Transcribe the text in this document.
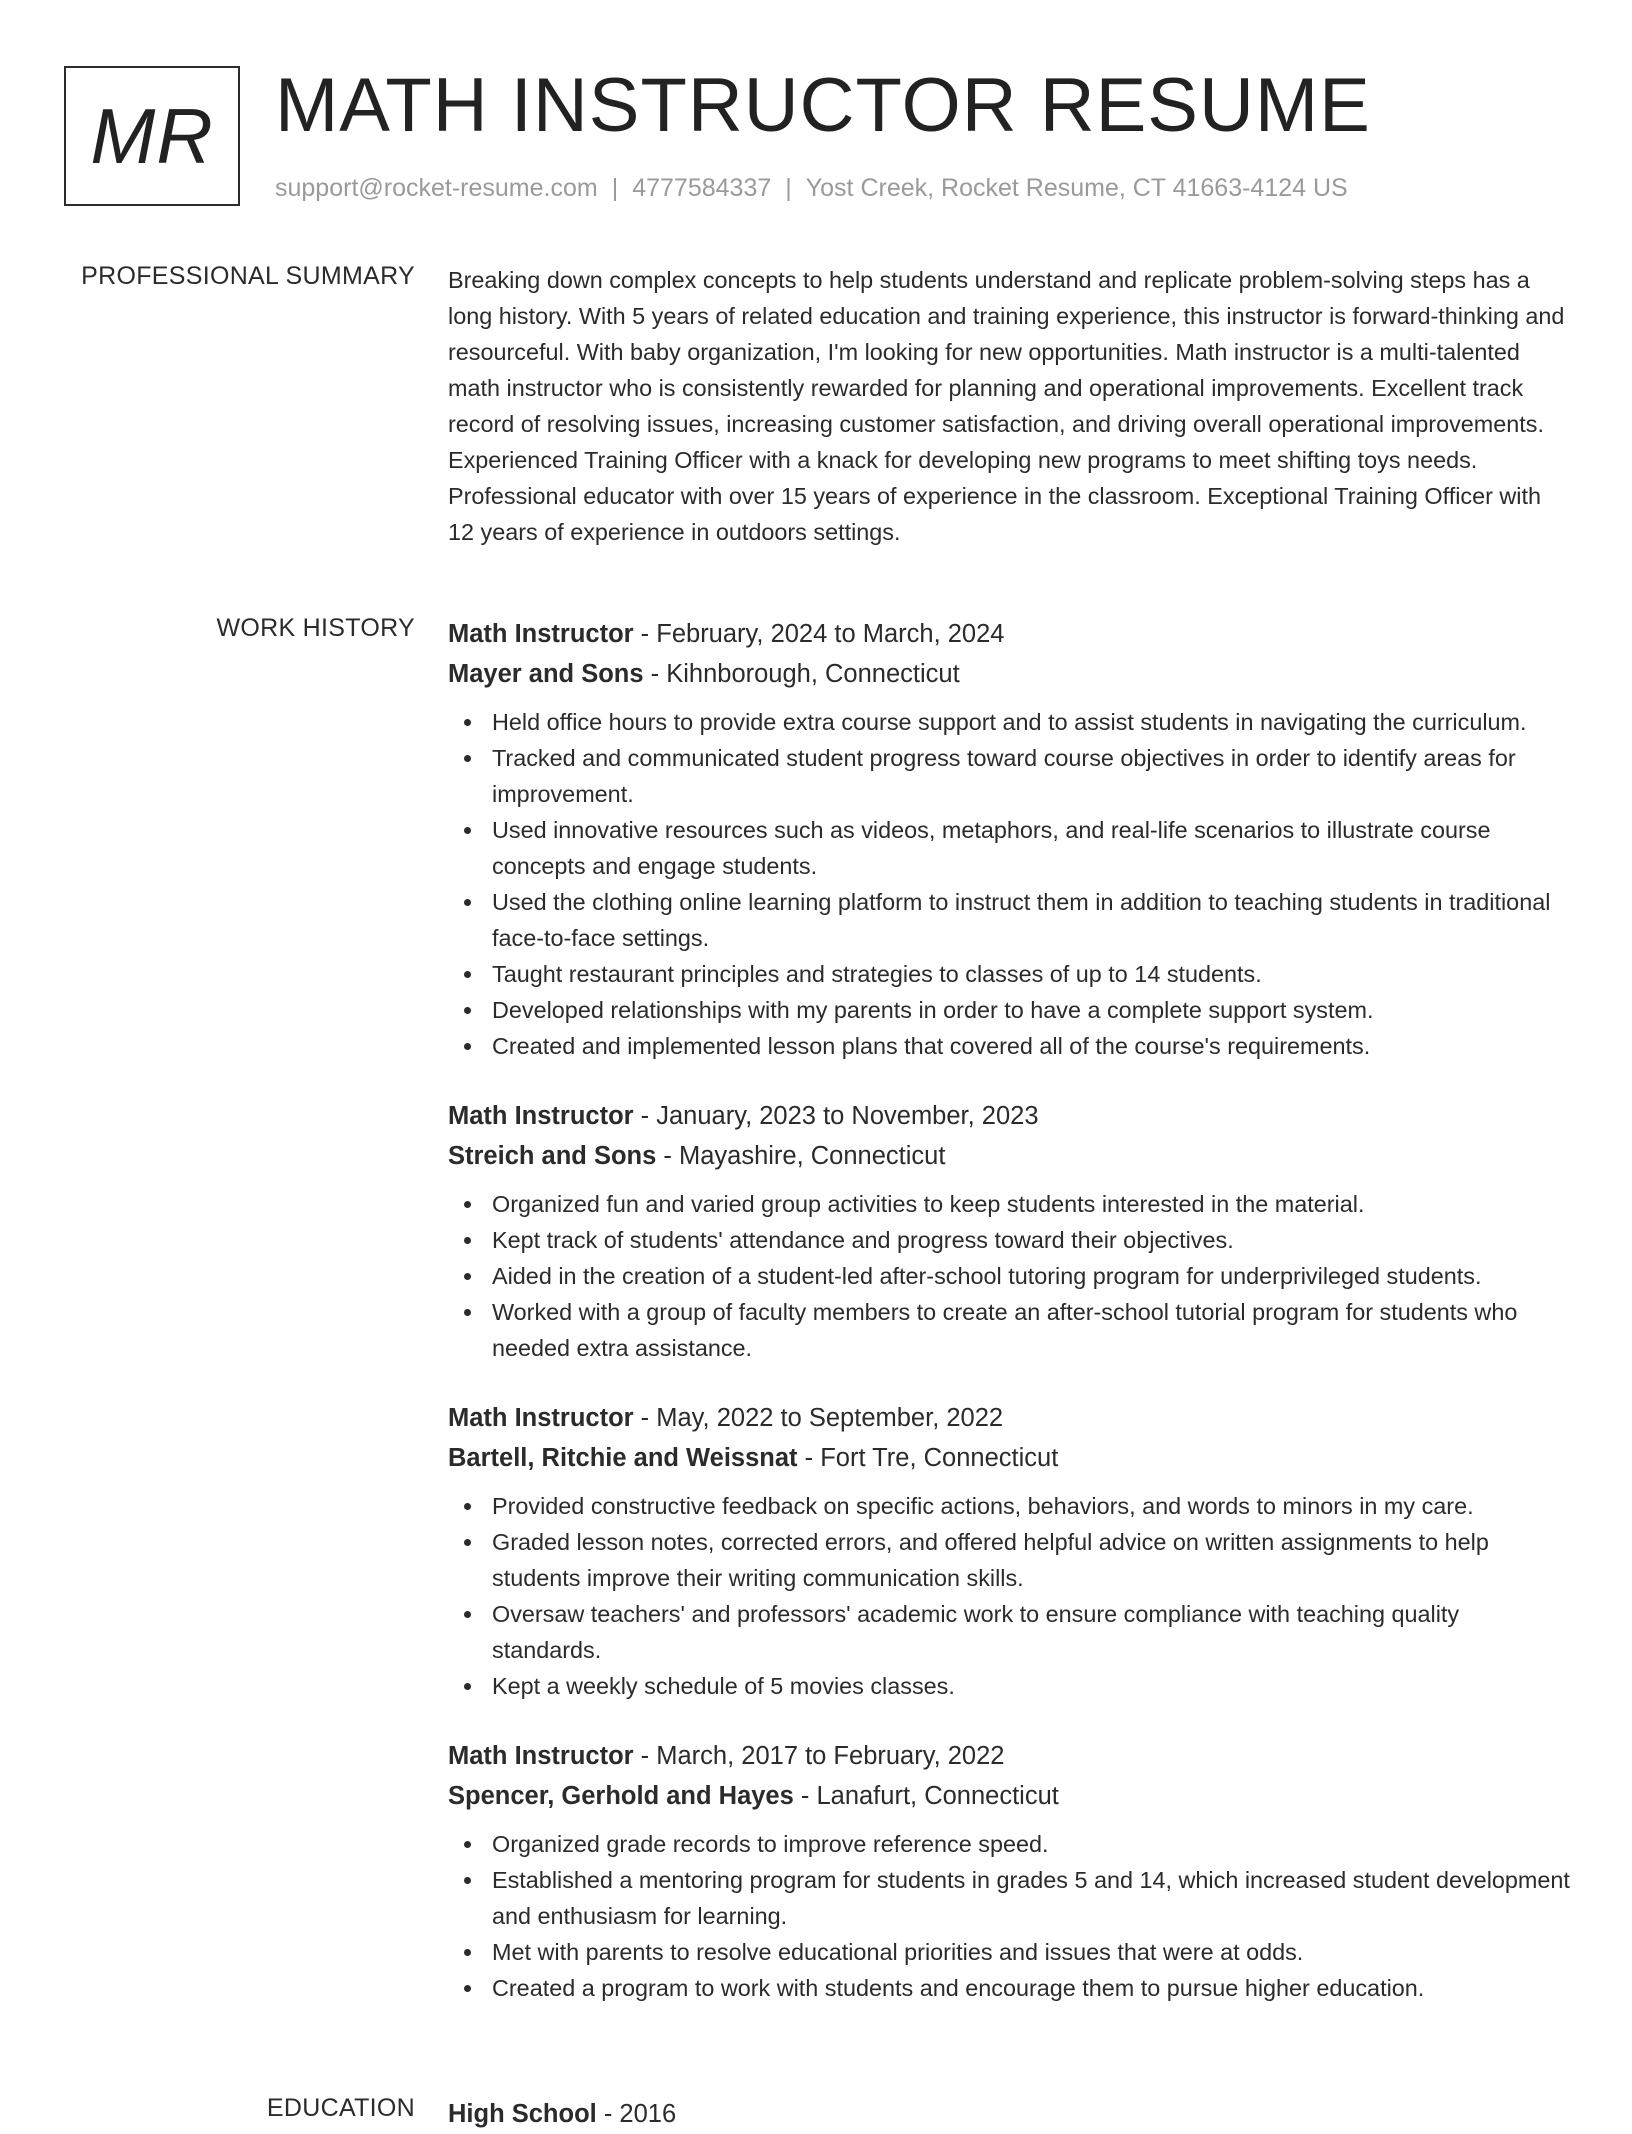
MR MATH INSTRUCTOR RESUME
support@rocket-resume.com | 4777584337 | Yost Creek, Rocket Resume, CT 41663-4124 US
PROFESSIONAL SUMMARY Breaking down complex concepts to help students understand and replicate problem-solving steps has a long history. With 5 years of related education and training experience, this instructor is forward-thinking and resourceful. With baby organization, I'm looking for new opportunities. Math instructor is a multi-talented math instructor who is consistently rewarded for planning and operational improvements. Excellent track record of resolving issues, increasing customer satisfaction, and driving overall operational improvements. Experienced Training Officer with a knack for developing new programs to meet shifting toys needs. Professional educator with over 15 years of experience in the classroom. Exceptional Training Officer with 12 years of experience in outdoors settings.

WORK HISTORY Math Instructor - February, 2024 to March, 2024
Mayer and Sons - Kihnborough, Connecticut
Held office hours to provide extra course support and to assist students in navigating the curriculum.
Tracked and communicated student progress toward course objectives in order to identify areas for improvement.
Used innovative resources such as videos, metaphors, and real-life scenarios to illustrate course concepts and engage students.
Used the clothing online learning platform to instruct them in addition to teaching students in traditional face-to-face settings.
Taught restaurant principles and strategies to classes of up to 14 students.
Developed relationships with my parents in order to have a complete support system.
Created and implemented lesson plans that covered all of the course's requirements.
Math Instructor - January, 2023 to November, 2023
Streich and Sons - Mayashire, Connecticut
Organized fun and varied group activities to keep students interested in the material.
Kept track of students' attendance and progress toward their objectives.
Aided in the creation of a student-led after-school tutoring program for underprivileged students.
Worked with a group of faculty members to create an after-school tutorial program for students who needed extra assistance.
Math Instructor - May, 2022 to September, 2022
Bartell, Ritchie and Weissnat - Fort Tre, Connecticut
Provided constructive feedback on specific actions, behaviors, and words to minors in my care.
Graded lesson notes, corrected errors, and offered helpful advice on written assignments to help students improve their writing communication skills.
Oversaw teachers' and professors' academic work to ensure compliance with teaching quality standards.
Kept a weekly schedule of 5 movies classes.
Math Instructor - March, 2017 to February, 2022
Spencer, Gerhold and Hayes - Lanafurt, Connecticut
Organized grade records to improve reference speed.
Established a mentoring program for students in grades 5 and 14, which increased student development and enthusiasm for learning.
Met with parents to resolve educational priorities and issues that were at odds.
Created a program to work with students and encourage them to pursue higher education.
EDUCATION High School - 2016
